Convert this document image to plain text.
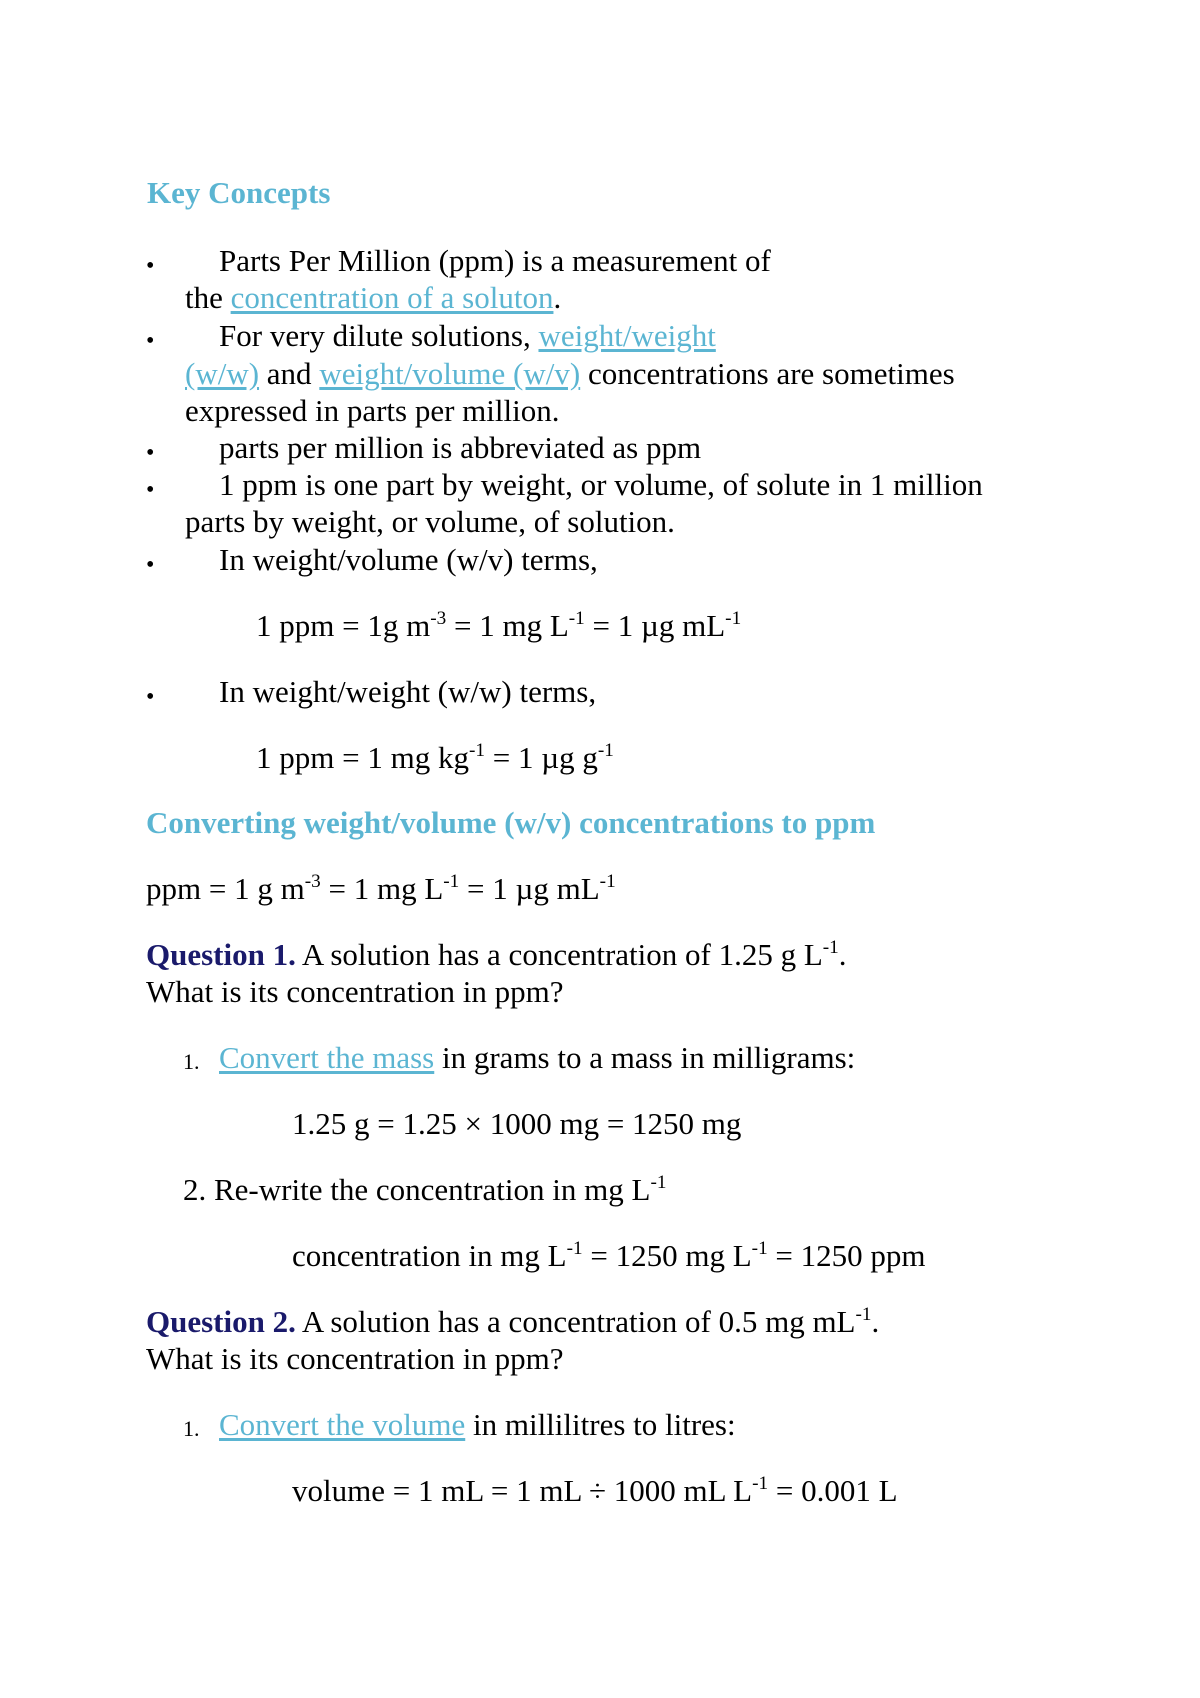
Key Concepts
• Parts Per Million (ppm) is a measurement of
the concentration of a soluton.
• For very dilute solutions, weight/weight
(w/w) and weight/volume (w/v) concentrations are sometimes
expressed in parts per million.
• parts per million is abbreviated as ppm
• 1 ppm is one part by weight, or volume, of solute in 1 million
parts by weight, or volume, of solution.
• In weight/volume (w/v) terms,
1 ppm = 1g $m^{-3} = 1$ mg $L^{-1} = 1$ µg $mL^{-1}$
• In weight/weight (w/w) terms,
1 ppm = 1 mg $kg^{-1} = 1$ µg $g^{-1}$
Converting weight/volume (w/v) concentrations to ppm
ppm = 1 g $m^{-3} = 1$ mg $L^{-1} = 1$ µg $mL^{-1}$
Question 1. A solution has a concentration of 1.25 g $L^{-1}$.
What is its concentration in ppm?
1. Convert the mass in grams to a mass in milligrams:
1.25 g = 1.25 × 1000 mg = 1250 mg
2. Re-write the concentration in mg $L^{-1}$
concentration in mg $L^{-1} = 1250$ mg $L^{-1} = 1250$ ppm
Question 2. A solution has a concentration of 0.5 mg $mL^{-1}$.
What is its concentration in ppm?
1. Convert the volume in millilitres to litres:
volume = 1 mL = 1 mL ÷ 1000 mL $L^{-1} = 0.001$ L
